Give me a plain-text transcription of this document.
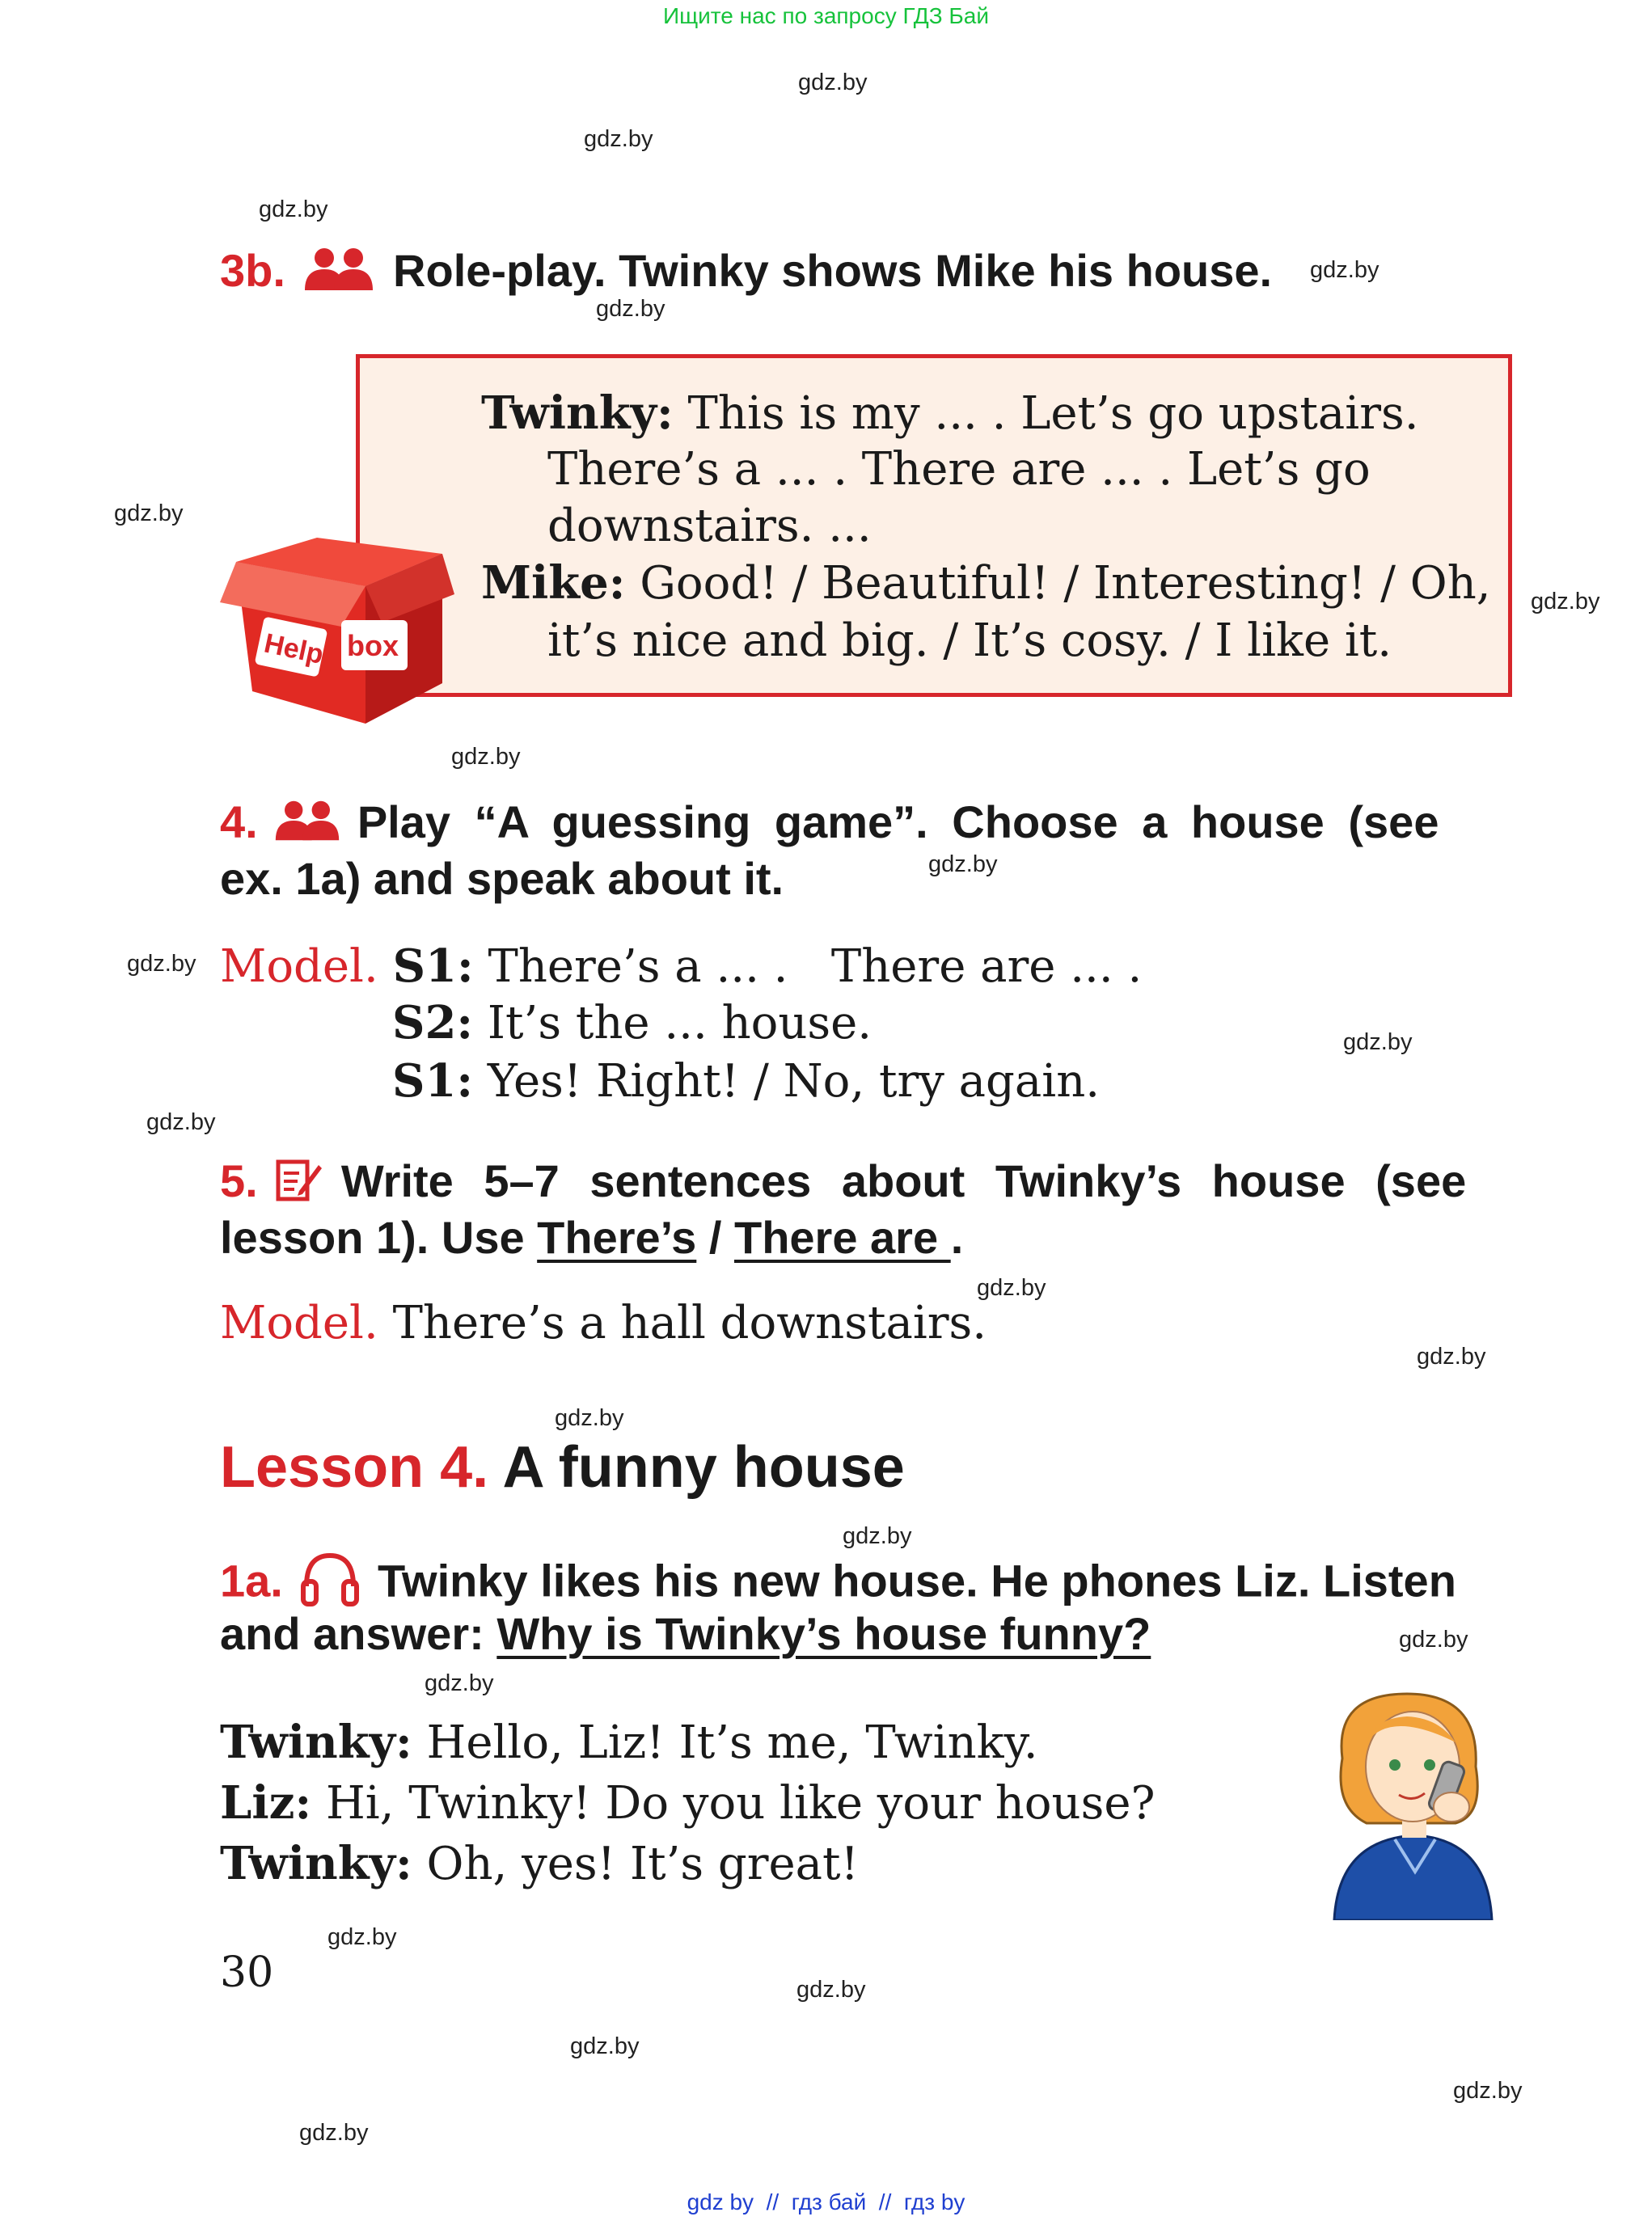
Ищите нас по запросу ГДЗ Бай
gdz.by
gdz.by
gdz.by
gdz.by
gdz.by
gdz.by
gdz.by
gdz.by
gdz.by
gdz.by
gdz.by
gdz.by
gdz.by
gdz.by
gdz.by
gdz.by
gdz.by
gdz.by
gdz.by
gdz.by
gdz.by
gdz.by
gdz.by
3b. Role-play. Twinky shows Mike his house.
Help box
Twinky: This is my ... . Let’s go upstairs.
There’s a ... . There are ... . Let’s go
downstairs. ...
Mike: Good! / Beautiful! / Interesting! / Oh,
it’s nice and big. / It’s cosy. / I like it.
4. Play “A guessing game”. Choose a house (see
ex. 1a) and speak about it.
Model. S1: There’s a ... .   There are ... .
S2: It’s the ... house.
S1: Yes! Right! / No, try again.
5. Write 5–7 sentences about Twinky’s house (see
lesson 1). Use There’s / There are .
Model. There’s a hall downstairs.
Lesson 4. A funny house
1a. Twinky likes his new house. He phones Liz. Listen
and answer: Why is Twinky’s house funny?
Twinky: Hello, Liz! It’s me, Twinky.
Liz: Hi, Twinky! Do you like your house?
Twinky: Oh, yes! It’s great!
30
gdz by  //  гдз бай  //  гдз by
